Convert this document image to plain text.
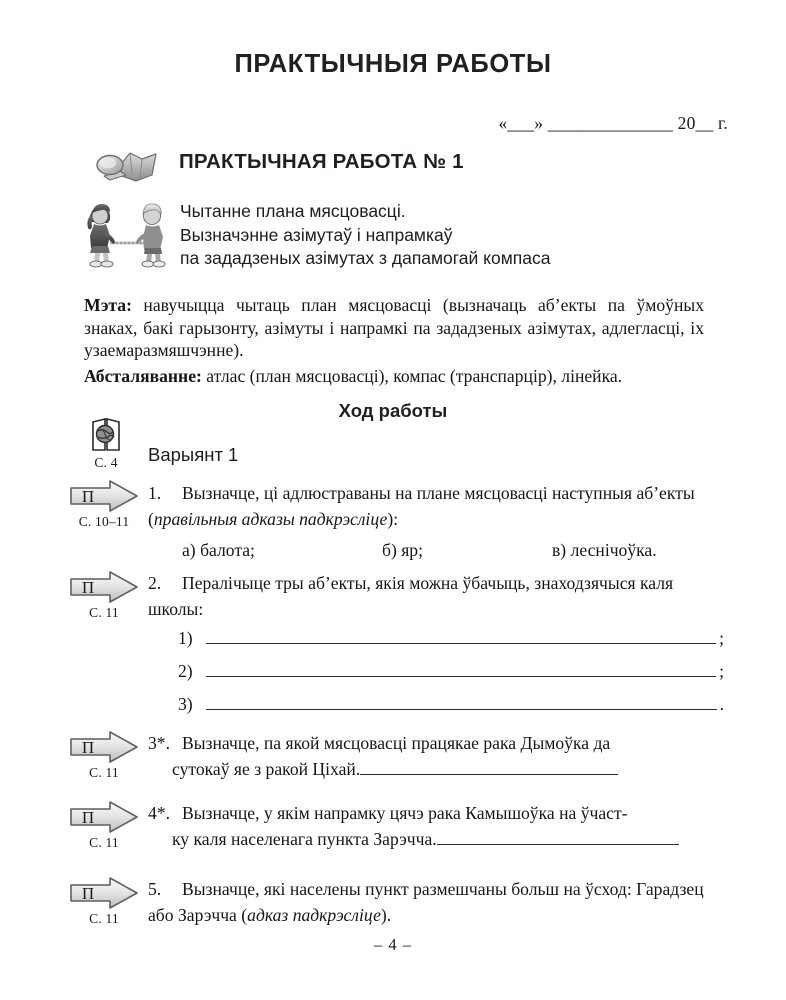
ПРАКТЫЧНЫЯ РАБОТЫ
«___» ______________ 20__ г.
ПРАКТЫЧНАЯ РАБОТА № 1
Чытанне плана мясцовасці.
Вызначэнне азімутаў і напрамкаў
па зададзеных азімутах з дапамогай компаса
Мэта: навучыцца чытаць план мясцовасці (вызначаць аб’екты па ўмоўных знаках, бакі гарызонту, азімуты і напрамкі па зададзеных азімутах, адлегласці, іх узаемаразмяшчэнне).
Абсталяванне: атлас (план мясцовасці), компас (транспарцір), лінейка.
Ход работы
С. 4	Варыянт 1
П
С. 10–11
1.	Вызначце, ці адлюстраваны на плане мясцовасці наступныя аб’екты (правільныя адказы падкрэсліце):
а) балота;	б) яр;	в) леснічоўка.
П
С. 11
2.	Пералічыце тры аб’екты, якія можна ўбачыць, знаходзячыся каля школы:
1)	;
2)	;
3)	.
П
С. 11
3*. Вызначце, па якой мясцовасці працякае рака Дымоўка да
сутокаў яе з ракой Ціхай.
П
С. 11
4*. Вызначце, у якім напрамку цячэ рака Камышоўка на ўчаст-
ку каля населенага пункта Зарэчча.
П
С. 11
5.	Вызначце, які населены пункт размешчаны больш на ўсход: Гарадзец або Зарэчча (адказ падкрэсліце).
– 4 –
